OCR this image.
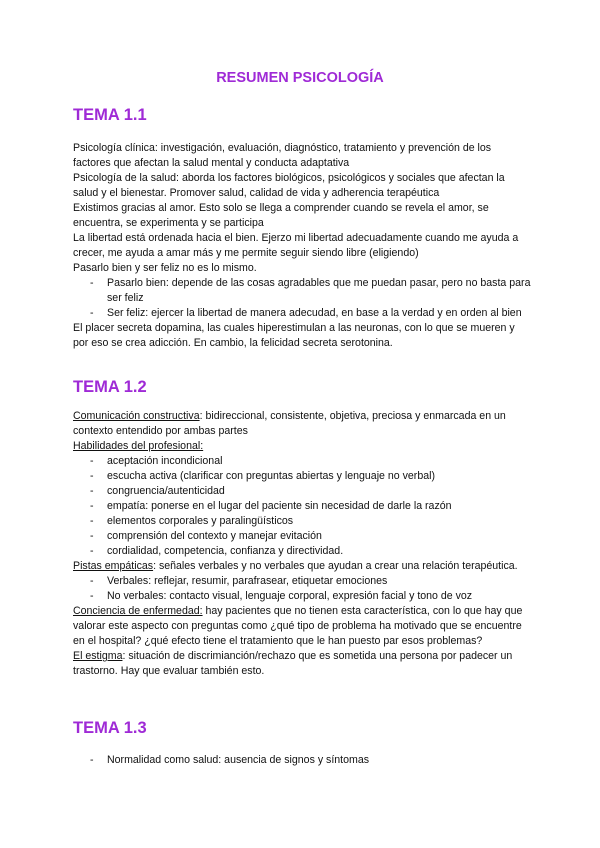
RESUMEN PSICOLOGÍA
TEMA 1.1

Psicología clínica: investigación, evaluación, diagnóstico, tratamiento y prevención de los factores que afectan la salud mental y conducta adaptativa

Psicología de la salud: aborda los factores biológicos, psicológicos y sociales que afectan la salud y el bienestar. Promover salud, calidad de vida y adherencia terapéutica

Existimos gracias al amor. Esto solo se llega a comprender cuando se revela el amor, se encuentra, se experimenta y se participa

La libertad está ordenada hacia el bien. Ejerzo mi libertad adecuadamente cuando me ayuda a crecer, me ayuda a amar más y me permite seguir siendo libre (eligiendo)

Pasarlo bien y ser feliz no es lo mismo.

- Pasarlo bien: depende de las cosas agradables que me puedan pasar, pero no basta para ser feliz
- Ser feliz: ejercer la libertad de manera adecudad, en base a la verdad y en orden al bien

El placer secreta dopamina, las cuales hiperestimulan a las neuronas, con lo que se mueren y por eso se crea adicción. En cambio, la felicidad secreta serotonina.

TEMA 1.2

Comunicación constructiva: bidireccional, consistente, objetiva, preciosa y enmarcada en un contexto entendido por ambas partes

Habilidades del profesional:

- aceptación incondicional
- escucha activa (clarificar con preguntas abiertas y lenguaje no verbal)
- congruencia/autenticidad
- empatía: ponerse en el lugar del paciente sin necesidad de darle la razón
- elementos corporales y paralingüísticos
- comprensión del contexto y manejar evitación
- cordialidad, competencia, confianza y directividad.

Pistas empáticas: señales verbales y no verbales que ayudan a crear una relación terapéutica.

- Verbales: reflejar, resumir, parafrasear, etiquetar emociones
- No verbales: contacto visual, lenguaje corporal, expresión facial y tono de voz

Conciencia de enfermedad: hay pacientes que no tienen esta característica, con lo que hay que valorar este aspecto con preguntas como ¿qué tipo de problema ha motivado que se encuentre en el hospital? ¿qué efecto tiene el tratamiento que le han puesto par esos problemas?

El estigma: situación de discrimianción/rechazo que es sometida una persona por padecer un trastorno. Hay que evaluar también esto.

TEMA 1.3
- Normalidad como salud: ausencia de signos y síntomas
